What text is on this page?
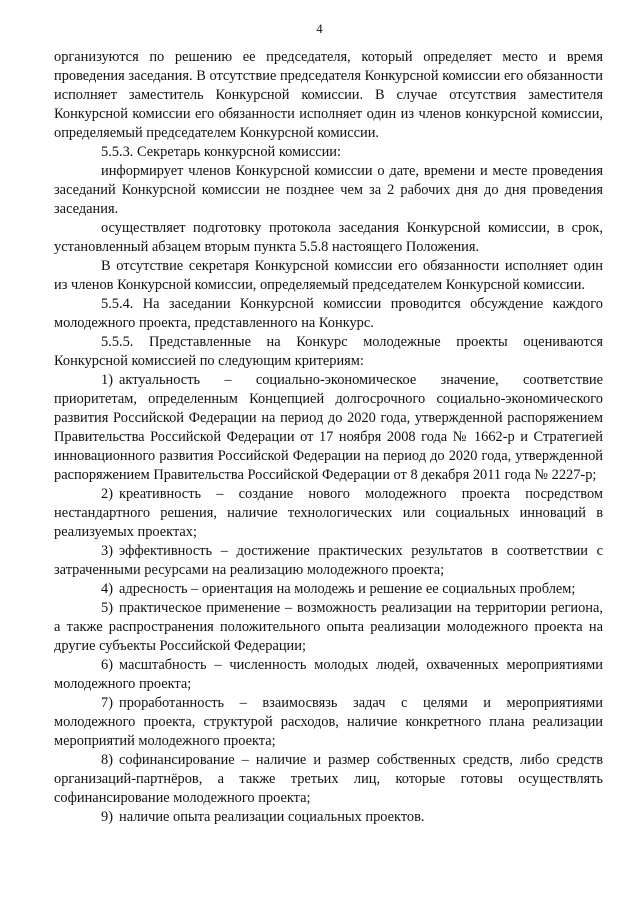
4

организуются по решению ее председателя, который определяет место и время проведения заседания. В отсутствие председателя Конкурсной комиссии его обязанности исполняет заместитель Конкурсной комиссии. В случае отсутствия заместителя Конкурсной комиссии его обязанности исполняет один из членов конкурсной комиссии, определяемый председателем Конкурсной комиссии.

5.5.3. Секретарь конкурсной комиссии:

информирует членов Конкурсной комиссии о дате, времени и месте проведения заседаний Конкурсной комиссии не позднее чем за 2 рабочих дня до дня проведения заседания.

осуществляет подготовку протокола заседания Конкурсной комиссии, в срок, установленный абзацем вторым пункта 5.5.8 настоящего Положения.

В отсутствие секретаря Конкурсной комиссии его обязанности исполняет один из членов Конкурсной комиссии, определяемый председателем Конкурсной комиссии.

5.5.4. На заседании Конкурсной комиссии проводится обсуждение каждого молодежного проекта, представленного на Конкурс.

5.5.5. Представленные на Конкурс молодежные проекты оцениваются Конкурсной комиссией по следующим критериям:

1) актуальность – социально-экономическое значение, соответствие приоритетам, определенным Концепцией долгосрочного социально-экономического развития Российской Федерации на период до 2020 года, утвержденной распоряжением Правительства Российской Федерации от 17 ноября 2008 года № 1662-р и Стратегией инновационного развития Российской Федерации на период до 2020 года, утвержденной распоряжением Правительства Российской Федерации от 8 декабря 2011 года № 2227-р;

2) креативность – создание нового молодежного проекта посредством нестандартного решения, наличие технологических или социальных инноваций в реализуемых проектах;

3) эффективность – достижение практических результатов в соответствии с затраченными ресурсами на реализацию молодежного проекта;

4) адресность – ориентация на молодежь и решение ее социальных проблем;

5) практическое применение – возможность реализации на территории региона, а также распространения положительного опыта реализации молодежного проекта на другие субъекты Российской Федерации;

6) масштабность – численность молодых людей, охваченных мероприятиями молодежного проекта;

7) проработанность – взаимосвязь задач с целями и мероприятиями молодежного проекта, структурой расходов, наличие конкретного плана реализации мероприятий молодежного проекта;

8) софинансирование – наличие и размер собственных средств, либо средств организаций-партнёров, а также третьих лиц, которые готовы осуществлять софинансирование молодежного проекта;

9) наличие опыта реализации социальных проектов.
